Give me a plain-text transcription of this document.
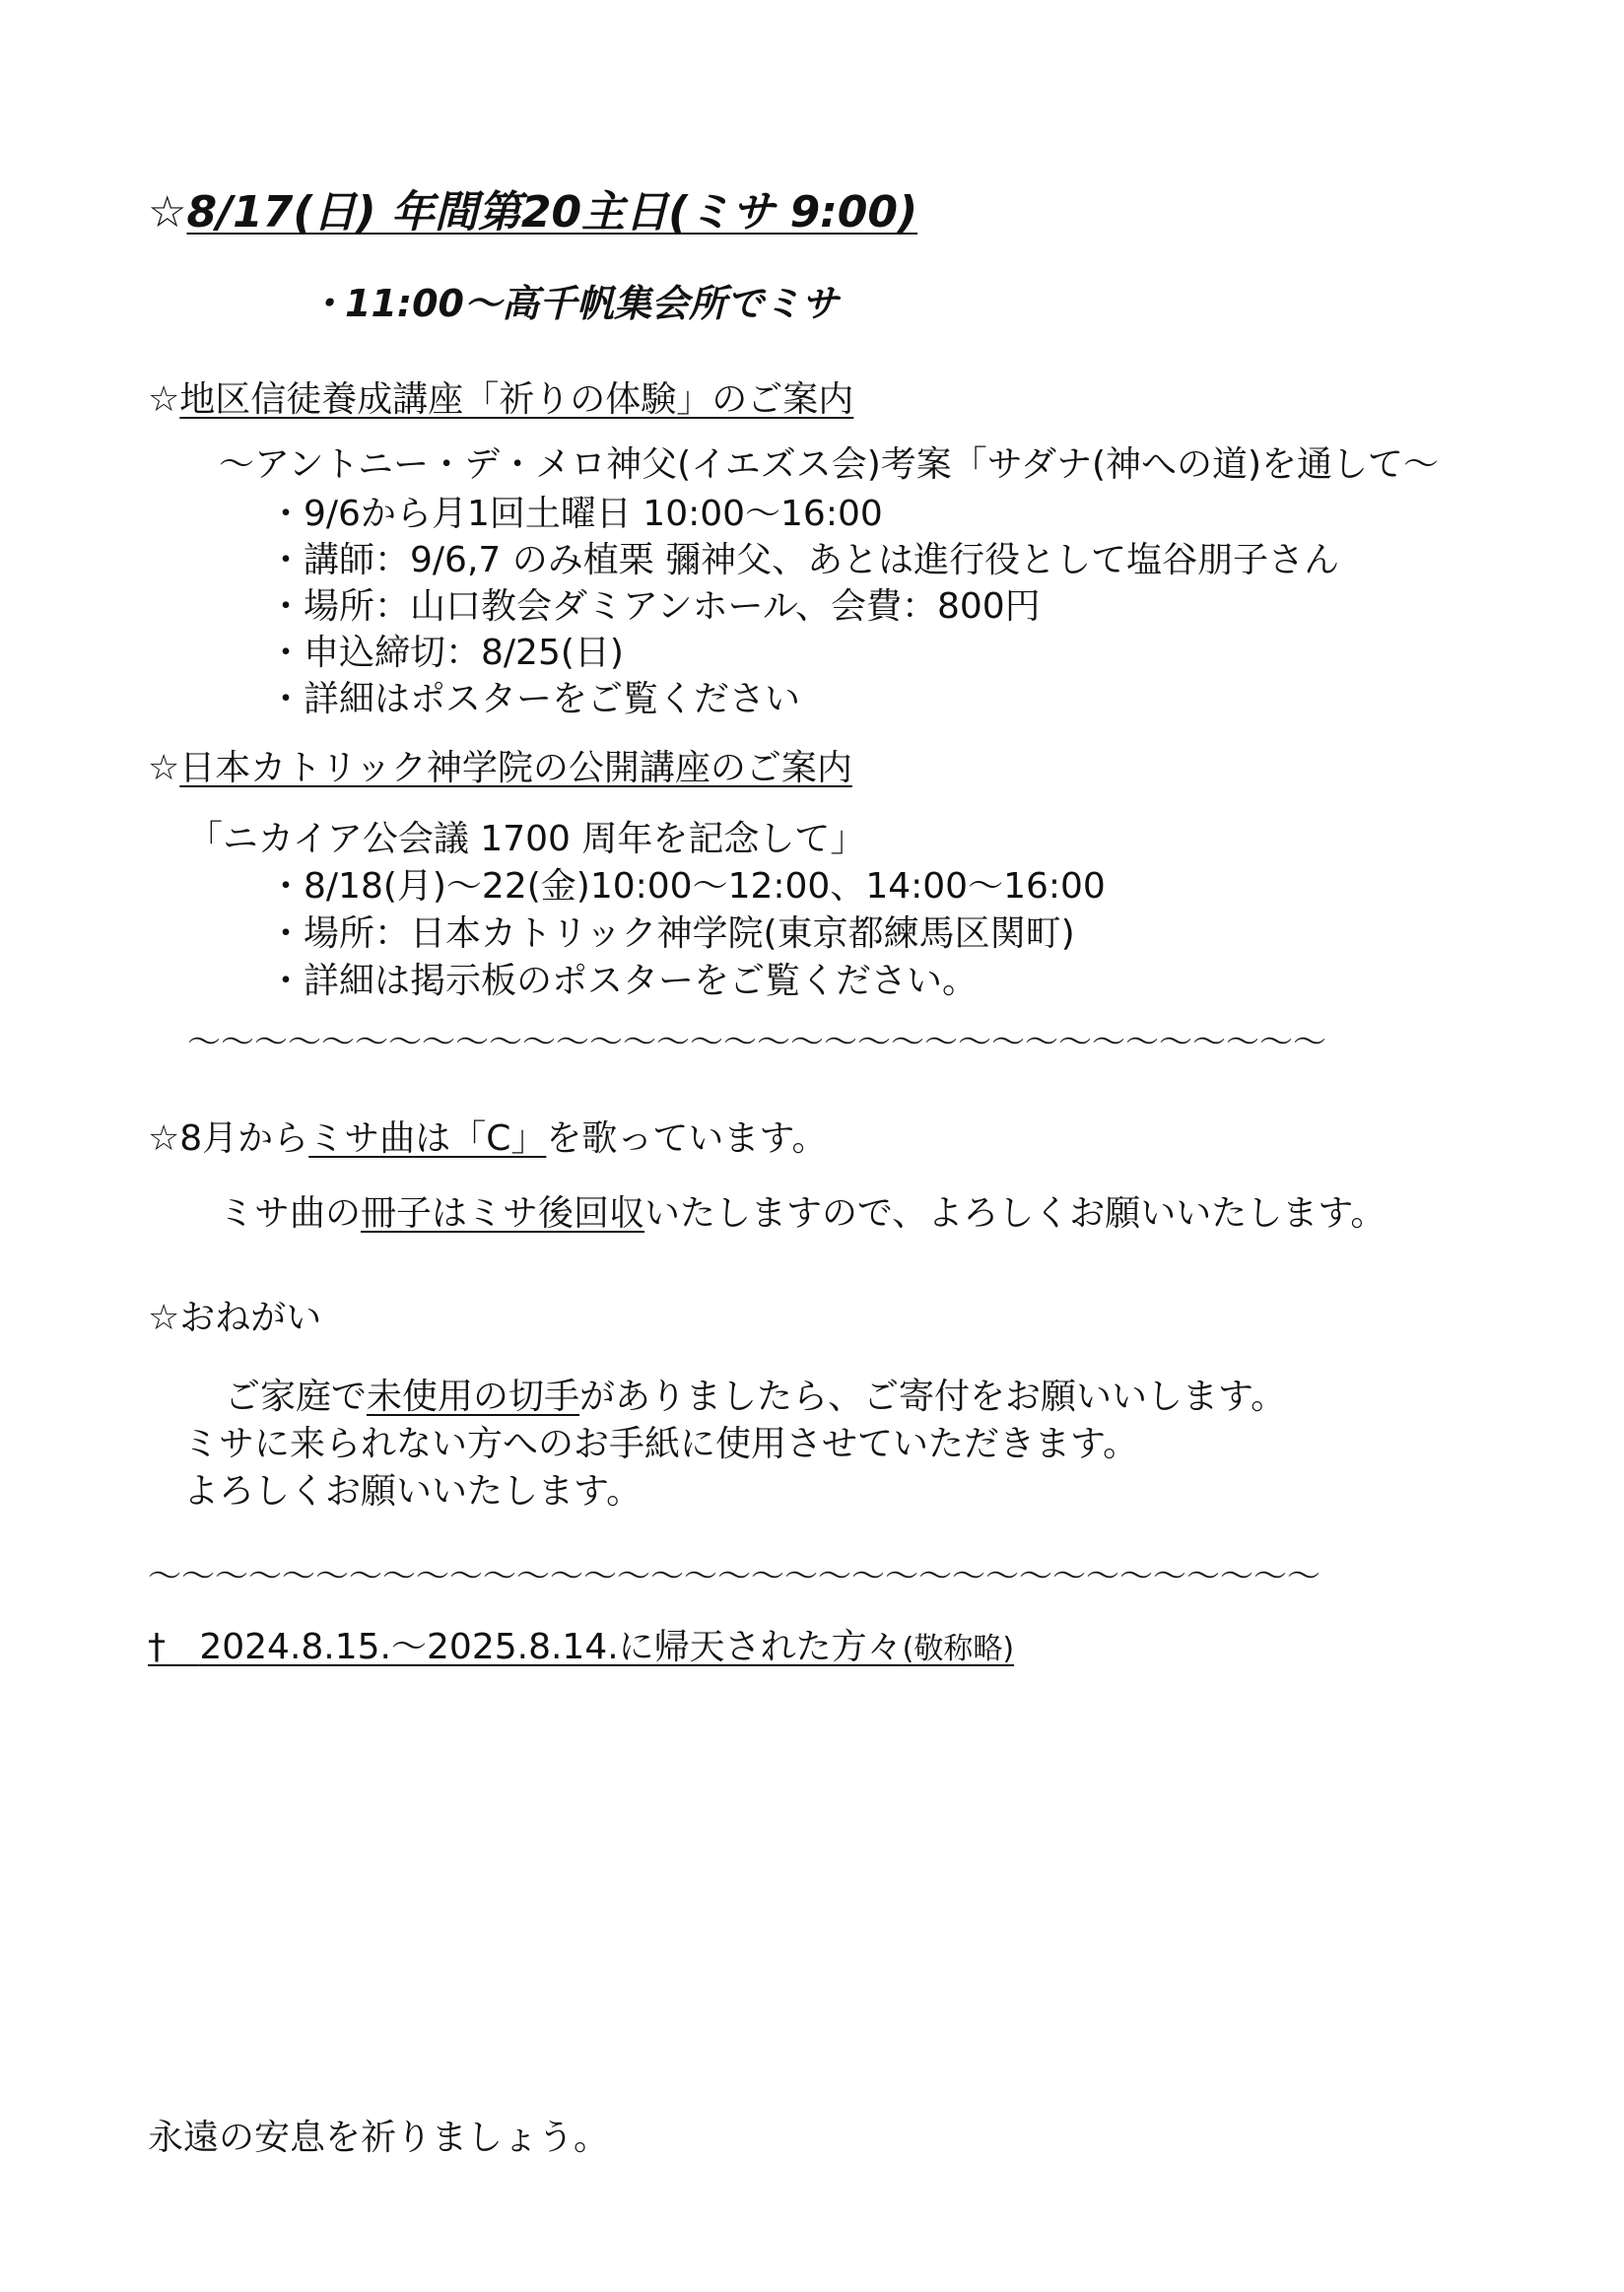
☆8/17(日) 年間第20主日(ミサ 9:00)
・11:00～高千帆集会所でミサ
☆地区信徒養成講座「祈りの体験」のご案内
～アントニー・デ・メロ神父(イエズス会)考案「サダナ(神への道)を通して～
・9/6から月1回土曜日 10:00～16:00
・講師：9/6,7 のみ植栗 彌神父、あとは進行役として塩谷朋子さん
・場所：山口教会ダミアンホール、会費：800円
・申込締切：8/25(日)
・詳細はポスターをご覧ください
☆日本カトリック神学院の公開講座のご案内
「ニカイア公会議 1700 周年を記念して」
・8/18(月)～22(金)10:00～12:00、14:00～16:00
・場所：日本カトリック神学院(東京都練馬区関町)
・詳細は掲示板のポスターをご覧ください。
～～～～～～～～～～～～～～～～～～～～～～～～～～～～～～～～～～
☆8月からミサ曲は「C」を歌っています。
ミサ曲の冊子はミサ後回収いたしますので、よろしくお願いいたします。
☆おねがい
ご家庭で未使用の切手がありましたら、ご寄付をお願いいします。
ミサに来られない方へのお手紙に使用させていただきます。
よろしくお願いいたします。
～～～～～～～～～～～～～～～～～～～～～～～～～～～～～～～～～～～
† 2024.8.15.～2025.8.14.に帰天された方々(敬称略)
永遠の安息を祈りましょう。
